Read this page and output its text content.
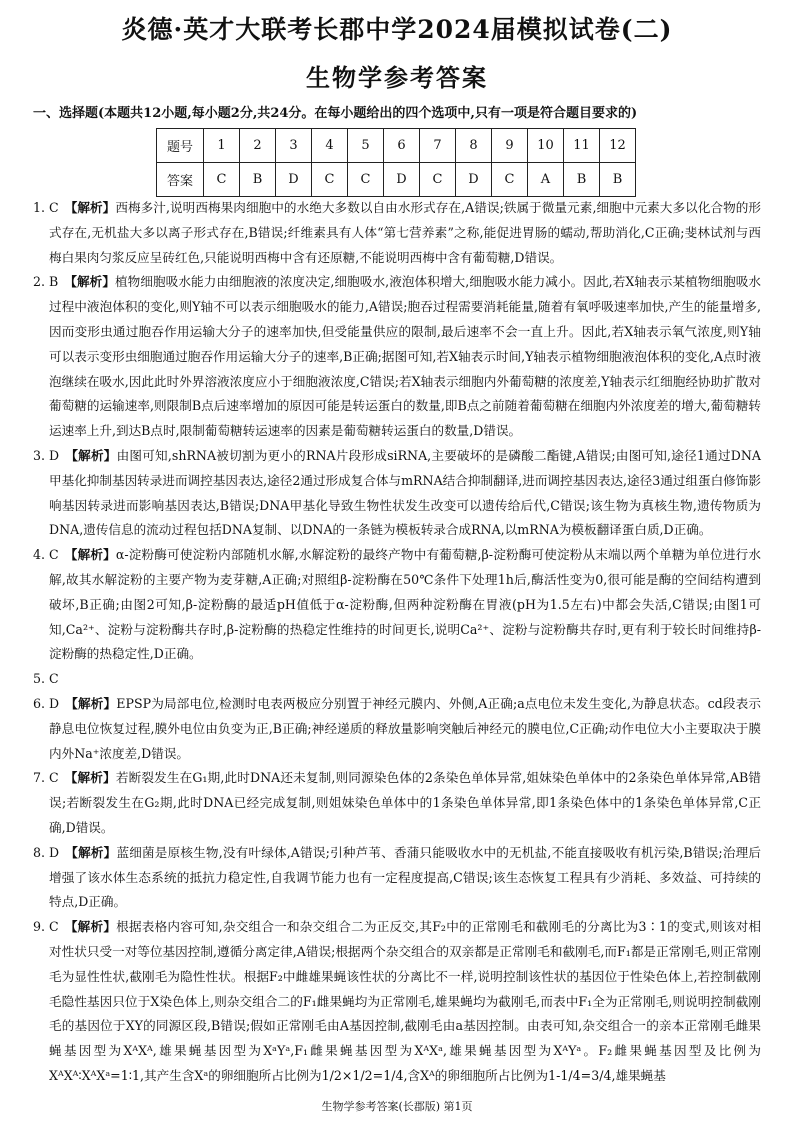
炎德·英才大联考长郡中学2024届模拟试卷(二)
生物学参考答案
一、选择题(本题共12小题,每小题2分,共24分。在每小题给出的四个选项中,只有一项是符合题目要求的)
题号	1	2	3	4	5	6	7	8	9	10	11	12
答案	C	B	D	C	C	D	C	D	C	A	B	B

1. C 【解析】西梅多汁,说明西梅果肉细胞中的水绝大多数以自由水形式存在,A错误;铁属于微量元素,细胞中元素大多以化合物的形式存在,无机盐大多以离子形式存在,B错误;纤维素具有人体“第七营养素”之称,能促进胃肠的蠕动,帮助消化,C正确;斐林试剂与西梅白果肉匀浆反应呈砖红色,只能说明西梅中含有还原糖,不能说明西梅中含有葡萄糖,D错误。

2. B 【解析】植物细胞吸水能力由细胞液的浓度决定,细胞吸水,液泡体积增大,细胞吸水能力减小。因此,若X轴表示某植物细胞吸水过程中液泡体积的变化,则Y轴不可以表示细胞吸水的能力,A错误;胞吞过程需要消耗能量,随着有氧呼吸速率加快,产生的能量增多,因而变形虫通过胞吞作用运输大分子的速率加快,但受能量供应的限制,最后速率不会一直上升。因此,若X轴表示氧气浓度,则Y轴可以表示变形虫细胞通过胞吞作用运输大分子的速率,B正确;据图可知,若X轴表示时间,Y轴表示植物细胞液泡体积的变化,A点时液泡继续在吸水,因此此时外界溶液浓度应小于细胞液浓度,C错误;若X轴表示细胞内外葡萄糖的浓度差,Y轴表示红细胞经协助扩散对葡萄糖的运输速率,则限制B点后速率增加的原因可能是转运蛋白的数量,即B点之前随着葡萄糖在细胞内外浓度差的增大,葡萄糖转运速率上升,到达B点时,限制葡萄糖转运速率的因素是葡萄糖转运蛋白的数量,D错误。

3. D 【解析】由图可知,shRNA被切割为更小的RNA片段形成siRNA,主要破坏的是磷酸二酯键,A错误;由图可知,途径1通过DNA甲基化抑制基因转录进而调控基因表达,途径2通过形成复合体与mRNA结合抑制翻译,进而调控基因表达,途径3通过组蛋白修饰影响基因转录进而影响基因表达,B错误;DNA甲基化导致生物性状发生改变可以遗传给后代,C错误;该生物为真核生物,遗传物质为DNA,遗传信息的流动过程包括DNA复制、以DNA的一条链为模板转录合成RNA,以mRNA为模板翻译蛋白质,D正确。

4. C 【解析】α-淀粉酶可使淀粉内部随机水解,水解淀粉的最终产物中有葡萄糖,β-淀粉酶可使淀粉从末端以两个单糖为单位进行水解,故其水解淀粉的主要产物为麦芽糖,A正确;对照组β-淀粉酶在50℃条件下处理1h后,酶活性变为0,很可能是酶的空间结构遭到破坏,B正确;由图2可知,β-淀粉酶的最适pH值低于α-淀粉酶,但两种淀粉酶在胃液(pH为1.5左右)中都会失活,C错误;由图1可知,Ca²⁺、淀粉与淀粉酶共存时,β-淀粉酶的热稳定性维持的时间更长,说明Ca²⁺、淀粉与淀粉酶共存时,更有利于较长时间维持β-淀粉酶的热稳定性,D正确。

5. C

6. D 【解析】EPSP为局部电位,检测时电表两极应分别置于神经元膜内、外侧,A正确;a点电位未发生变化,为静息状态。cd段表示静息电位恢复过程,膜外电位由负变为正,B正确;神经递质的释放量影响突触后神经元的膜电位,C正确;动作电位大小主要取决于膜内外Na⁺浓度差,D错误。

7. C 【解析】若断裂发生在G₁期,此时DNA还未复制,则同源染色体的2条染色单体异常,姐妹染色单体中的2条染色单体异常,AB错误;若断裂发生在G₂期,此时DNA已经完成复制,则姐妹染色单体中的1条染色单体异常,即1条染色体中的1条染色单体异常,C正确,D错误。

8. D 【解析】蓝细菌是原核生物,没有叶绿体,A错误;引种芦苇、香蒲只能吸收水中的无机盐,不能直接吸收有机污染,B错误;治理后增强了该水体生态系统的抵抗力稳定性,自我调节能力也有一定程度提高,C错误;该生态恢复工程具有少消耗、多效益、可持续的特点,D正确。

9. C 【解析】根据表格内容可知,杂交组合一和杂交组合二为正反交,其F₂中的正常刚毛和截刚毛的分离比为3∶1的变式,则该对相对性状只受一对等位基因控制,遵循分离定律,A错误;根据两个杂交组合的双亲都是正常刚毛和截刚毛,而F₁都是正常刚毛,则正常刚毛为显性性状,截刚毛为隐性性状。根据F₂中雌雄果蝇该性状的分离比不一样,说明控制该性状的基因位于性染色体上,若控制截刚毛隐性基因只位于X染色体上,则杂交组合二的F₁雌果蝇均为正常刚毛,雄果蝇均为截刚毛,而表中F₁全为正常刚毛,则说明控制截刚毛的基因位于XY的同源区段,B错误;假如正常刚毛由A基因控制,截刚毛由a基因控制。由表可知,杂交组合一的亲本正常刚毛雌果蝇基因型为XᴬXᴬ,雄果蝇基因型为XᵃYᵃ,F₁雌果蝇基因型为XᴬXᵃ,雄果蝇基因型为XᴬYᵃ。F₂雌果蝇基因型及比例为XᴬXᴬ∶XᴬXᵃ=1∶1,其产生含Xᵃ的卵细胞所占比例为1/2×1/2=1/4,含Xᴬ的卵细胞所占比例为1-1/4=3/4,雄果蝇基

生物学参考答案(长郡版) 第1页
